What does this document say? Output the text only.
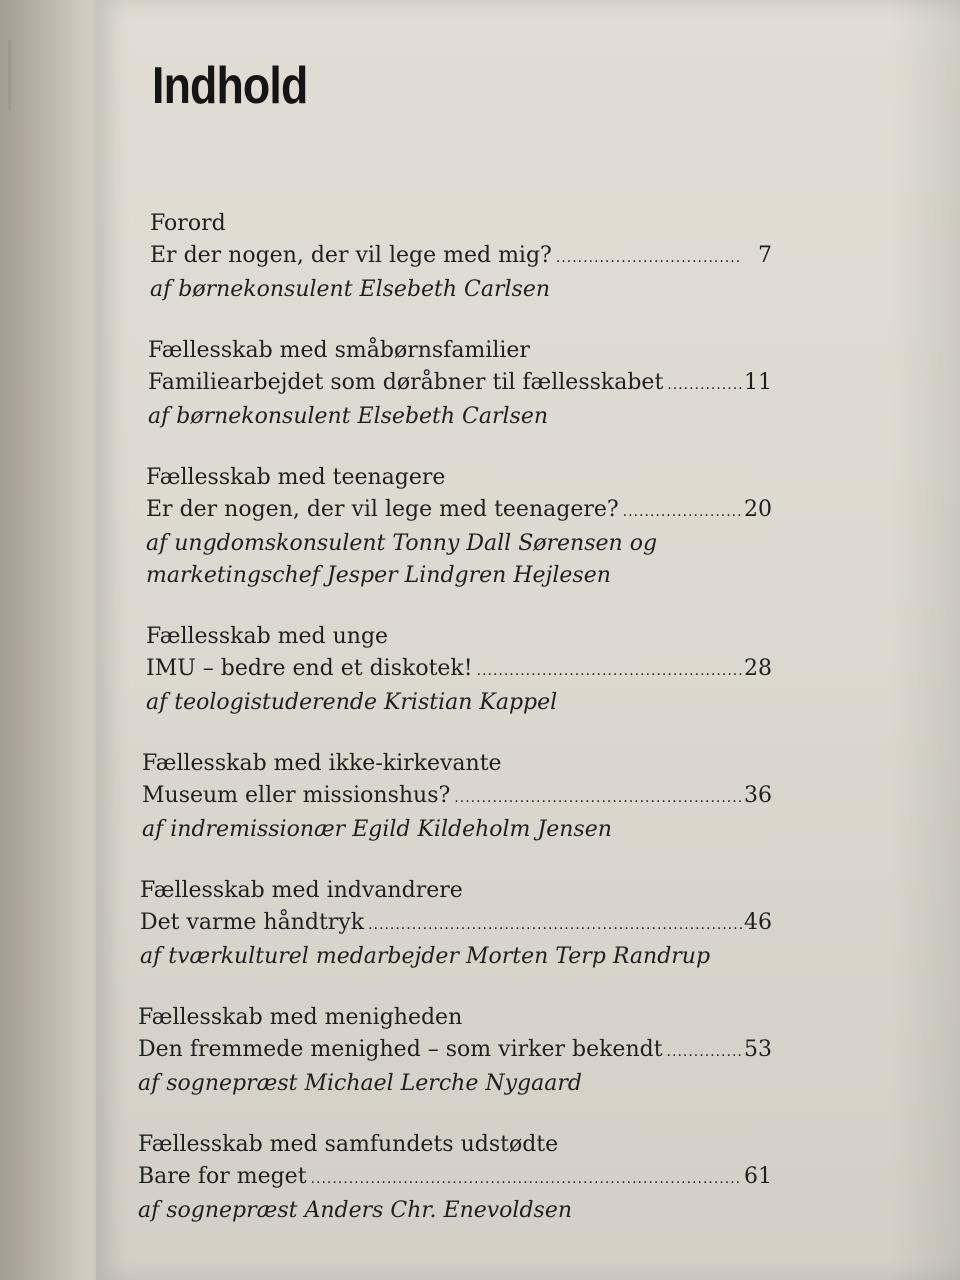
Indhold
Forord
Er der nogen, der vil lege med mig? .....	7
af børnekonsulent Elsebeth Carlsen
Fællesskab med småbørnsfamilier
Familiearbejdet som døråbner til fællesskabet .....	11
af børnekonsulent Elsebeth Carlsen
Fællesskab med teenagere
Er der nogen, der vil lege med teenagere? .....	20
af ungdomskonsulent Tonny Dall Sørensen og
marketingschef Jesper Lindgren Hejlesen
Fællesskab med unge
IMU – bedre end et diskotek! .....	28
af teologistuderende Kristian Kappel
Fællesskab med ikke-kirkevante
Museum eller missionshus? .....	36
af indremissionær Egild Kildeholm Jensen
Fællesskab med indvandrere
Det varme håndtryk .....	46
af tværkulturel medarbejder Morten Terp Randrup
Fællesskab med menigheden
Den fremmede menighed – som virker bekendt .....	53
af sognepræst Michael Lerche Nygaard
Fællesskab med samfundets udstødte
Bare for meget .....	61
af sognepræst Anders Chr. Enevoldsen
